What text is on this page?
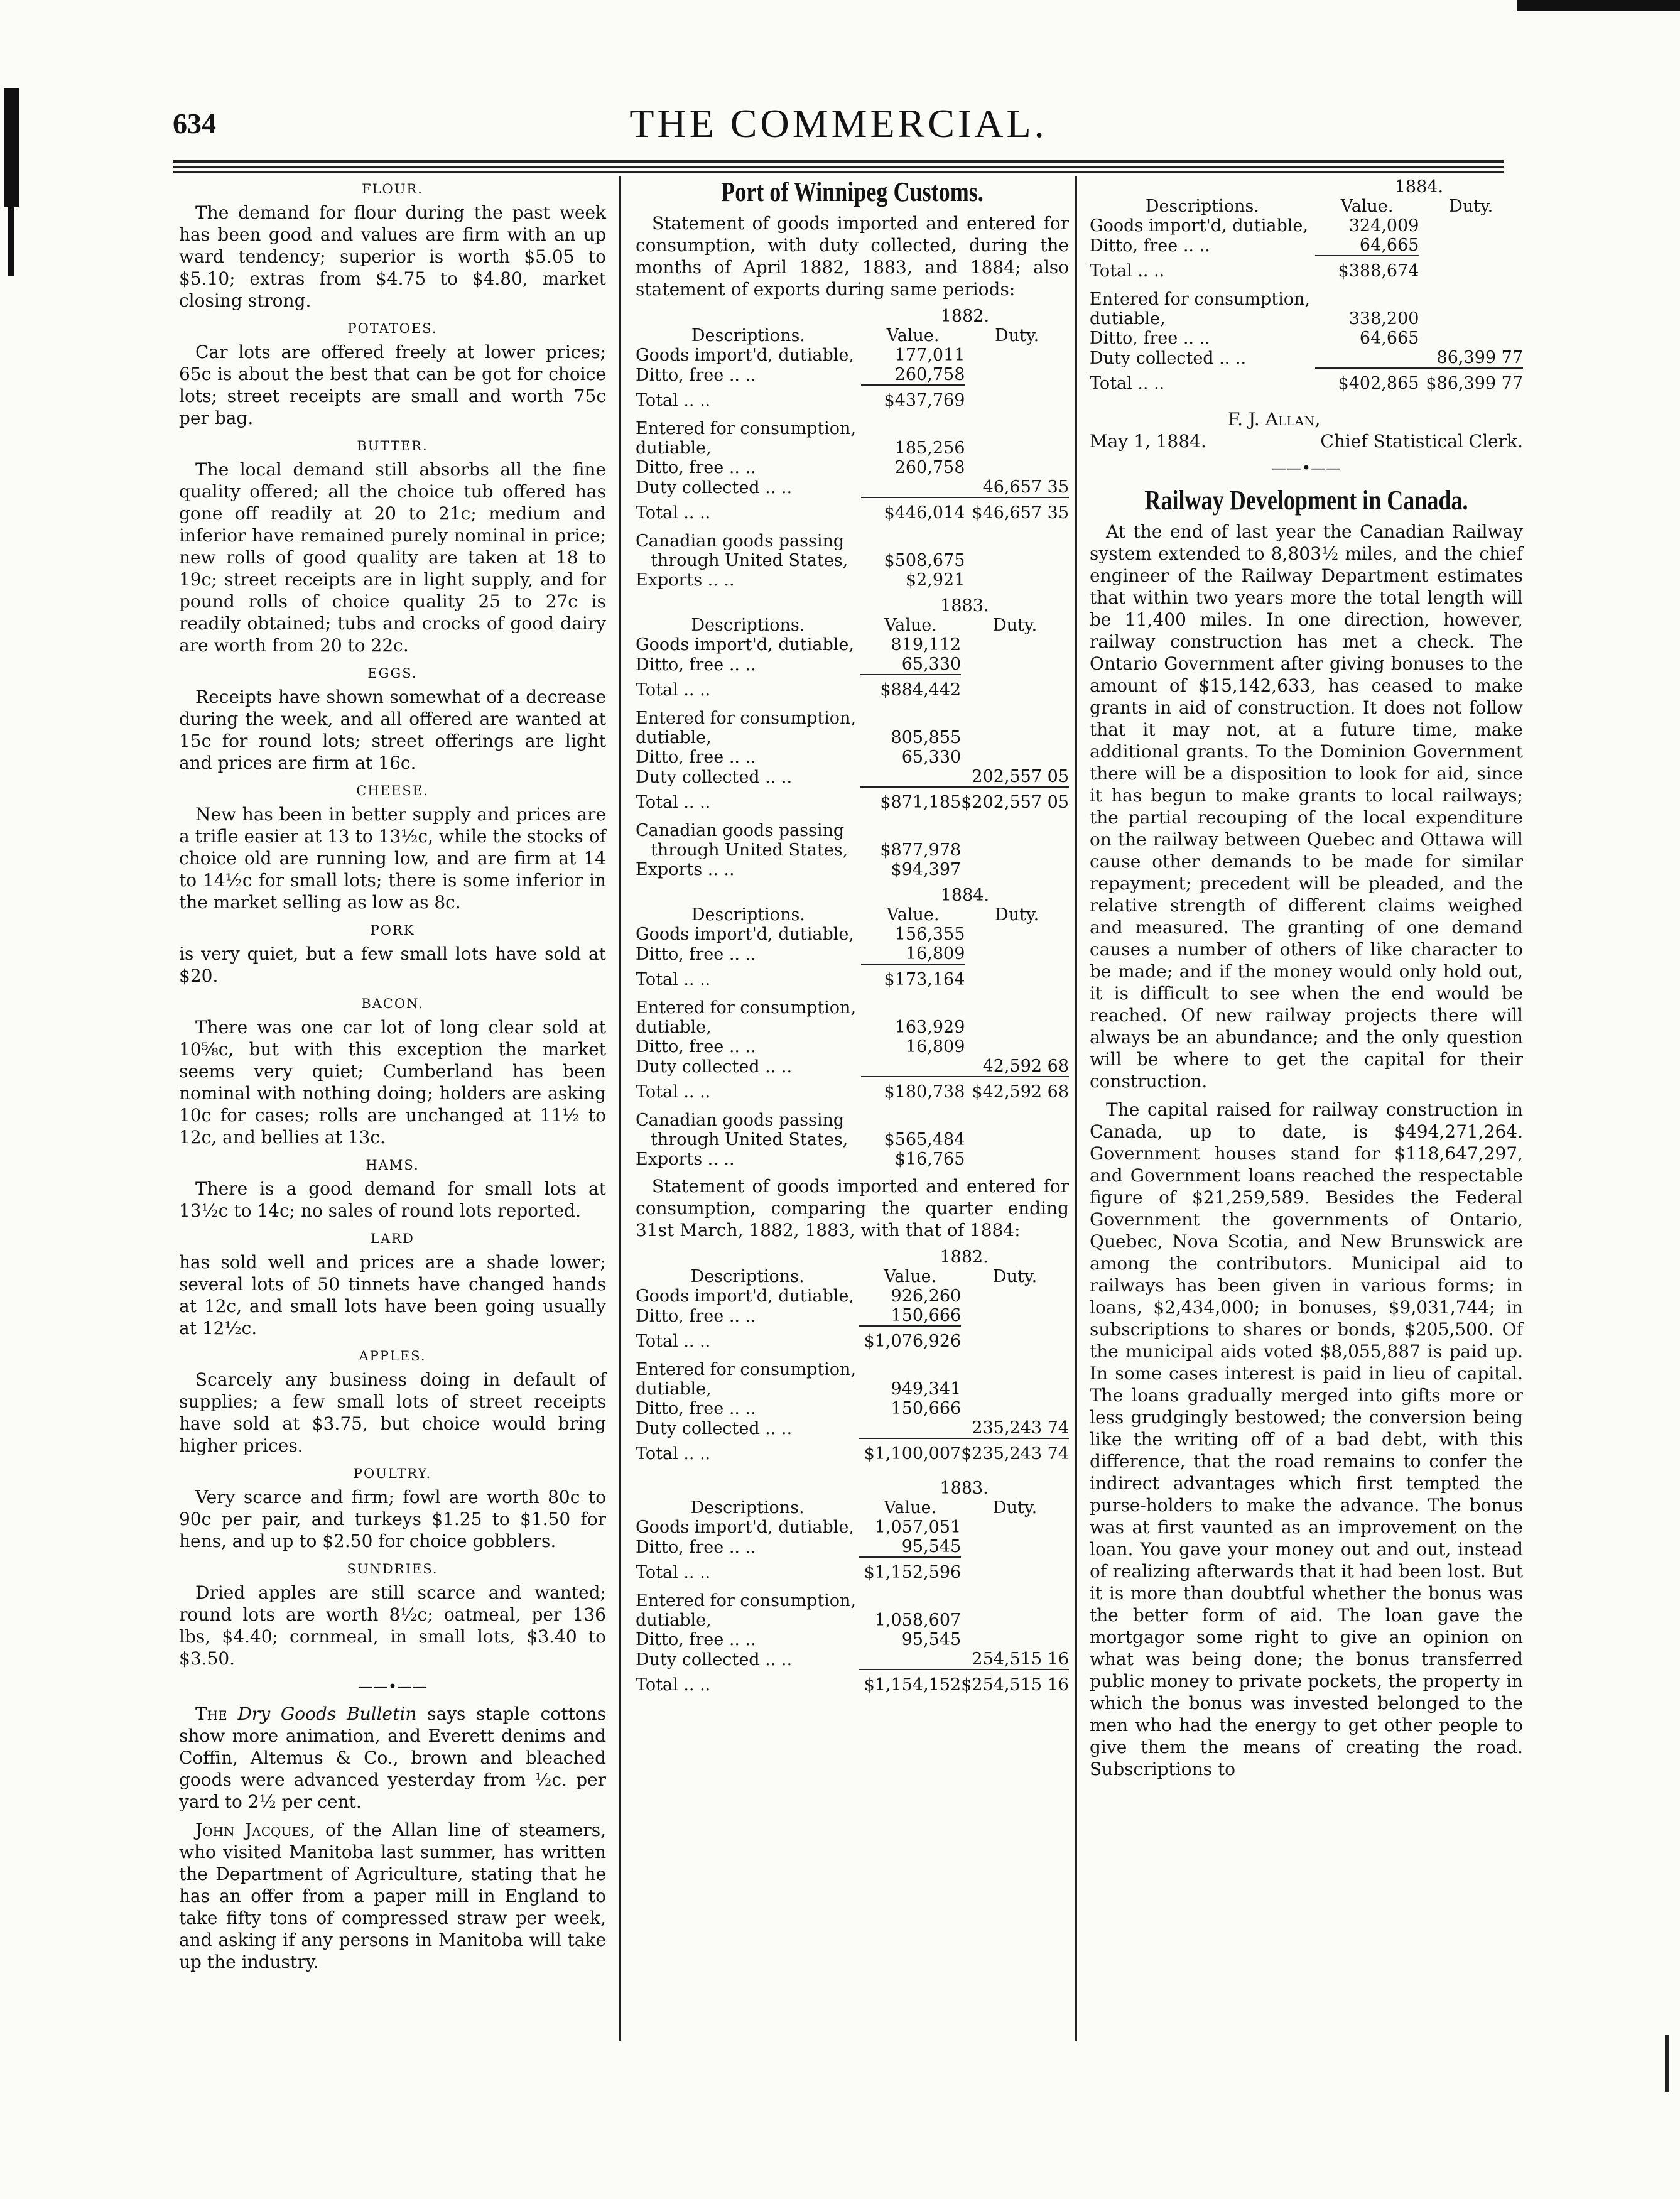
634	THE COMMERCIAL.
FLOUR.

The demand for flour during the past week has been good and values are firm with an up ward tendency; superior is worth $5.05 to $5.10; extras from $4.75 to $4.80, market closing strong.

POTATOES.

Car lots are offered freely at lower prices; 65c is about the best that can be got for choice lots; street receipts are small and worth 75c per bag.

BUTTER.

The local demand still absorbs all the fine quality offered; all the choice tub offered has gone off readily at 20 to 21c; medium and inferior have remained purely nominal in price; new rolls of good quality are taken at 18 to 19c; street receipts are in light supply, and for pound rolls of choice quality 25 to 27c is readily obtained; tubs and crocks of good dairy are worth from 20 to 22c.

EGGS.

Receipts have shown somewhat of a decrease during the week, and all offered are wanted at 15c for round lots; street offerings are light and prices are firm at 16c.

CHEESE.

New has been in better supply and prices are a trifle easier at 13 to 13½c, while the stocks of choice old are running low, and are firm at 14 to 14½c for small lots; there is some inferior in the market selling as low as 8c.

PORK

is very quiet, but a few small lots have sold at $20.

BACON.

There was one car lot of long clear sold at 10⅝c, but with this exception the market seems very quiet; Cumberland has been nominal with nothing doing; holders are asking 10c for cases; rolls are unchanged at 11½ to 12c, and bellies at 13c.

HAMS.

There is a good demand for small lots at 13½c to 14c; no sales of round lots reported.

LARD

has sold well and prices are a shade lower; several lots of 50 tinnets have changed hands at 12c, and small lots have been going usually at 12½c.

APPLES.

Scarcely any business doing in default of supplies; a few small lots of street receipts have sold at $3.75, but choice would bring higher prices.

POULTRY.

Very scarce and firm; fowl are worth 80c to 90c per pair, and turkeys $1.25 to $1.50 for hens, and up to $2.50 for choice gobblers.

SUNDRIES.

Dried apples are still scarce and wanted; round lots are worth 8½c; oatmeal, per 136 lbs, $4.40; cornmeal, in small lots, $3.40 to $3.50.

——•——

The Dry Goods Bulletin says staple cottons show more animation, and Everett denims and Coffin, Altemus & Co., brown and bleached goods were advanced yesterday from ½c. per yard to 2½ per cent.

John Jacques, of the Allan line of steamers, who visited Manitoba last summer, has written the Department of Agriculture, stating that he has an offer from a paper mill in England to take fifty tons of compressed straw per week, and asking if any persons in Manitoba will take up the industry.

Port of Winnipeg Customs.

Statement of goods imported and entered for consumption, with duty collected, during the months of April 1882, 1883, and 1884; also statement of exports during same periods:

	1882.	
Descriptions.	Value.	Duty.
Goods import'd, dutiable,	177,011	
Ditto, free .. ..	260,758	
Total .. ..	$437,769	
Entered for consumption,		
dutiable,	185,256	
Ditto, free .. ..	260,758	
Duty collected .. ..		46,657 35
Total .. ..	$446,014	$46,657 35
Canadian goods passing		
through United States,	$508,675	
Exports .. ..	$2,921	
	1883.	
Descriptions.	Value.	Duty.
Goods import'd, dutiable,	819,112	
Ditto, free .. ..	65,330	
Total .. ..	$884,442	
Entered for consumption,		
dutiable,	805,855	
Ditto, free .. ..	65,330	
Duty collected .. ..		202,557 05
Total .. ..	$871,185	$202,557 05
Canadian goods passing		
through United States,	$877,978	
Exports .. ..	$94,397	
	1884.	
Descriptions.	Value.	Duty.
Goods import'd, dutiable,	156,355	
Ditto, free .. ..	16,809	
Total .. ..	$173,164	
Entered for consumption,		
dutiable,	163,929	
Ditto, free .. ..	16,809	
Duty collected .. ..		42,592 68
Total .. ..	$180,738	$42,592 68
Canadian goods passing		
through United States,	$565,484	
Exports .. ..	$16,765	

Statement of goods imported and entered for consumption, comparing the quarter ending 31st March, 1882, 1883, with that of 1884:

	1882.	
Descriptions.	Value.	Duty.
Goods import'd, dutiable,	926,260	
Ditto, free .. ..	150,666	
Total .. ..	$1,076,926	
Entered for consumption,		
dutiable,	949,341	
Ditto, free .. ..	150,666	
Duty collected .. ..		235,243 74
Total .. ..	$1,100,007	$235,243 74
	1883.	
Descriptions.	Value.	Duty.
Goods import'd, dutiable,	1,057,051	
Ditto, free .. ..	95,545	
Total .. ..	$1,152,596	
Entered for consumption,		
dutiable,	1,058,607	
Ditto, free .. ..	95,545	
Duty collected .. ..		254,515 16
Total .. ..	$1,154,152	$254,515 16
	1884.	
Descriptions.	Value.	Duty.
Goods import'd, dutiable,	324,009	
Ditto, free .. ..	64,665	
Total .. ..	$388,674	
Entered for consumption,		
dutiable,	338,200	
Ditto, free .. ..	64,665	
Duty collected .. ..		86,399 77
Total .. ..	$402,865	$86,399 77
F. J. Allan,
May 1, 1884.	Chief Statistical Clerk.
——•——
Railway Development in Canada.

At the end of last year the Canadian Railway system extended to 8,803½ miles, and the chief engineer of the Railway Department estimates that within two years more the total length will be 11,400 miles. In one direction, however, railway construction has met a check. The Ontario Government after giving bonuses to the amount of $15,142,633, has ceased to make grants in aid of construction. It does not follow that it may not, at a future time, make additional grants. To the Dominion Government there will be a disposition to look for aid, since it has begun to make grants to local railways; the partial recouping of the local expenditure on the railway between Quebec and Ottawa will cause other demands to be made for similar repayment; precedent will be pleaded, and the relative strength of different claims weighed and measured. The granting of one demand causes a number of others of like character to be made; and if the money would only hold out, it is difficult to see when the end would be reached. Of new railway projects there will always be an abundance; and the only question will be where to get the capital for their construction.

The capital raised for railway construction in Canada, up to date, is $494,271,264. Government houses stand for $118,647,297, and Government loans reached the respectable figure of $21,259,589. Besides the Federal Government the governments of Ontario, Quebec, Nova Scotia, and New Brunswick are among the contributors. Municipal aid to railways has been given in various forms; in loans, $2,434,000; in bonuses, $9,031,744; in subscriptions to shares or bonds, $205,500. Of the municipal aids voted $8,055,887 is paid up. In some cases interest is paid in lieu of capital. The loans gradually merged into gifts more or less grudgingly bestowed; the conversion being like the writing off of a bad debt, with this difference, that the road remains to confer the indirect advantages which first tempted the purse-holders to make the advance. The bonus was at first vaunted as an improvement on the loan. You gave your money out and out, instead of realizing afterwards that it had been lost. But it is more than doubtful whether the bonus was the better form of aid. The loan gave the mortgagor some right to give an opinion on what was being done; the bonus transferred public money to private pockets, the property in which the bonus was invested belonged to the men who had the energy to get other people to give them the means of creating the road. Subscriptions to
